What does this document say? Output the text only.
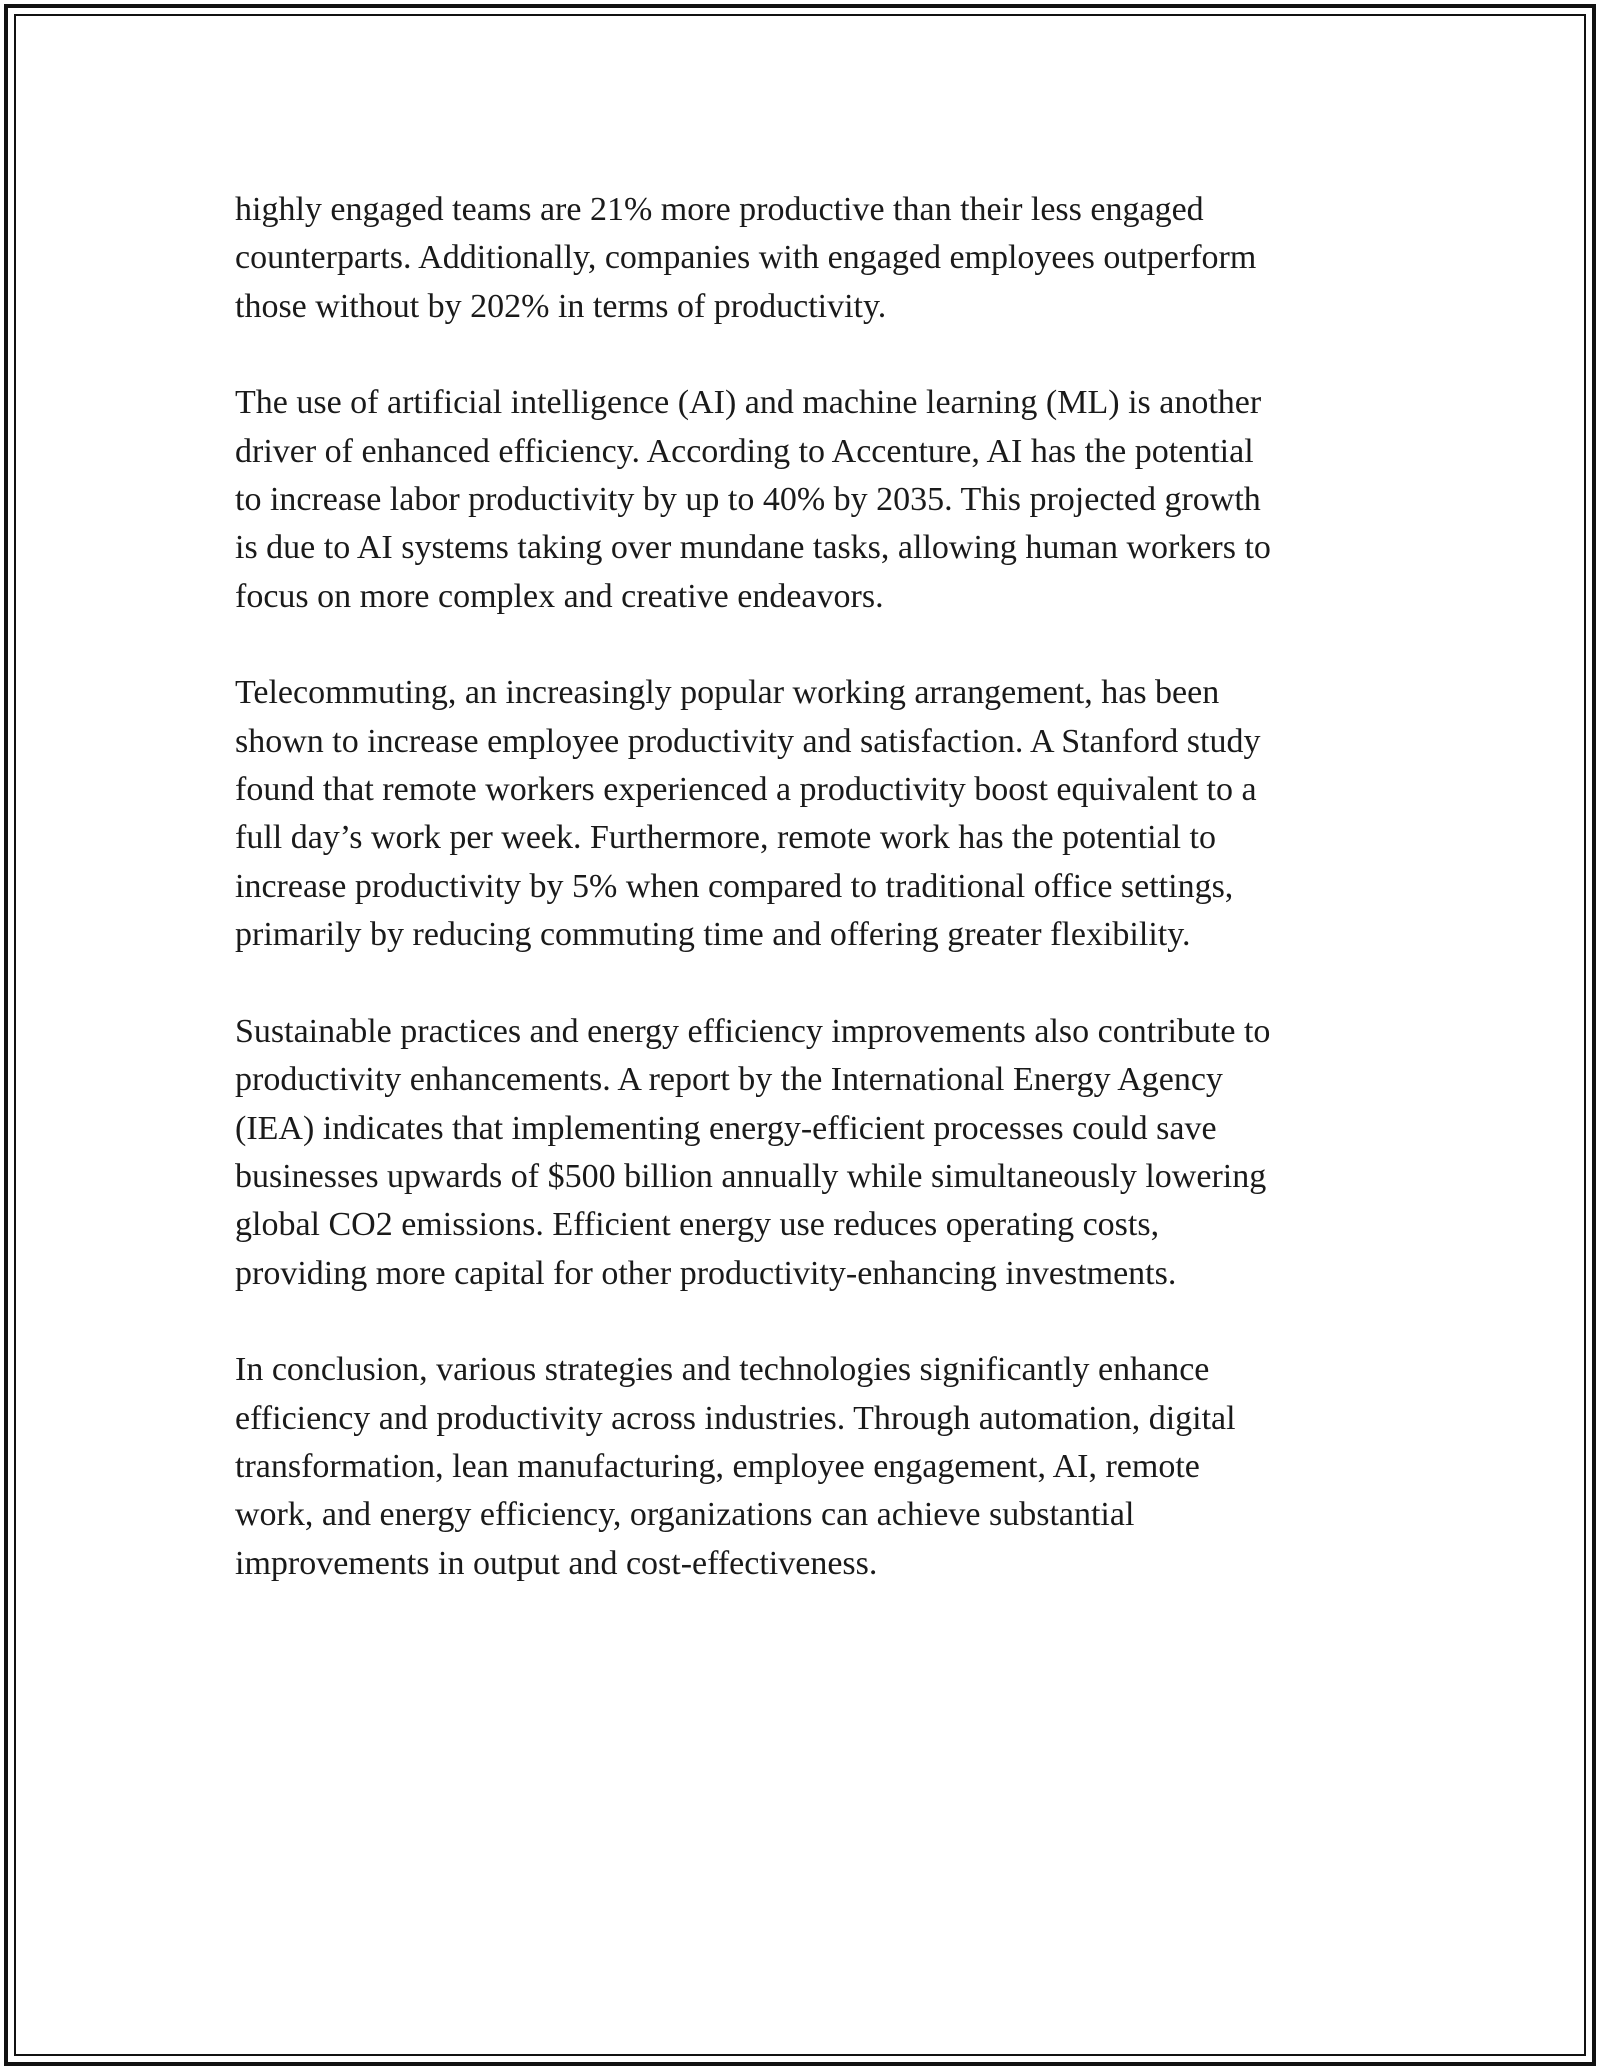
highly engaged teams are 21% more productive than their less engaged
counterparts. Additionally, companies with engaged employees outperform
those without by 202% in terms of productivity.

The use of artificial intelligence (AI) and machine learning (ML) is another
driver of enhanced efficiency. According to Accenture, AI has the potential
to increase labor productivity by up to 40% by 2035. This projected growth
is due to AI systems taking over mundane tasks, allowing human workers to
focus on more complex and creative endeavors.

Telecommuting, an increasingly popular working arrangement, has been
shown to increase employee productivity and satisfaction. A Stanford study
found that remote workers experienced a productivity boost equivalent to a
full day’s work per week. Furthermore, remote work has the potential to
increase productivity by 5% when compared to traditional office settings,
primarily by reducing commuting time and offering greater flexibility.

Sustainable practices and energy efficiency improvements also contribute to
productivity enhancements. A report by the International Energy Agency
(IEA) indicates that implementing energy-efficient processes could save
businesses upwards of $500 billion annually while simultaneously lowering
global CO2 emissions. Efficient energy use reduces operating costs,
providing more capital for other productivity-enhancing investments.

In conclusion, various strategies and technologies significantly enhance
efficiency and productivity across industries. Through automation, digital
transformation, lean manufacturing, employee engagement, AI, remote
work, and energy efficiency, organizations can achieve substantial
improvements in output and cost-effectiveness.
